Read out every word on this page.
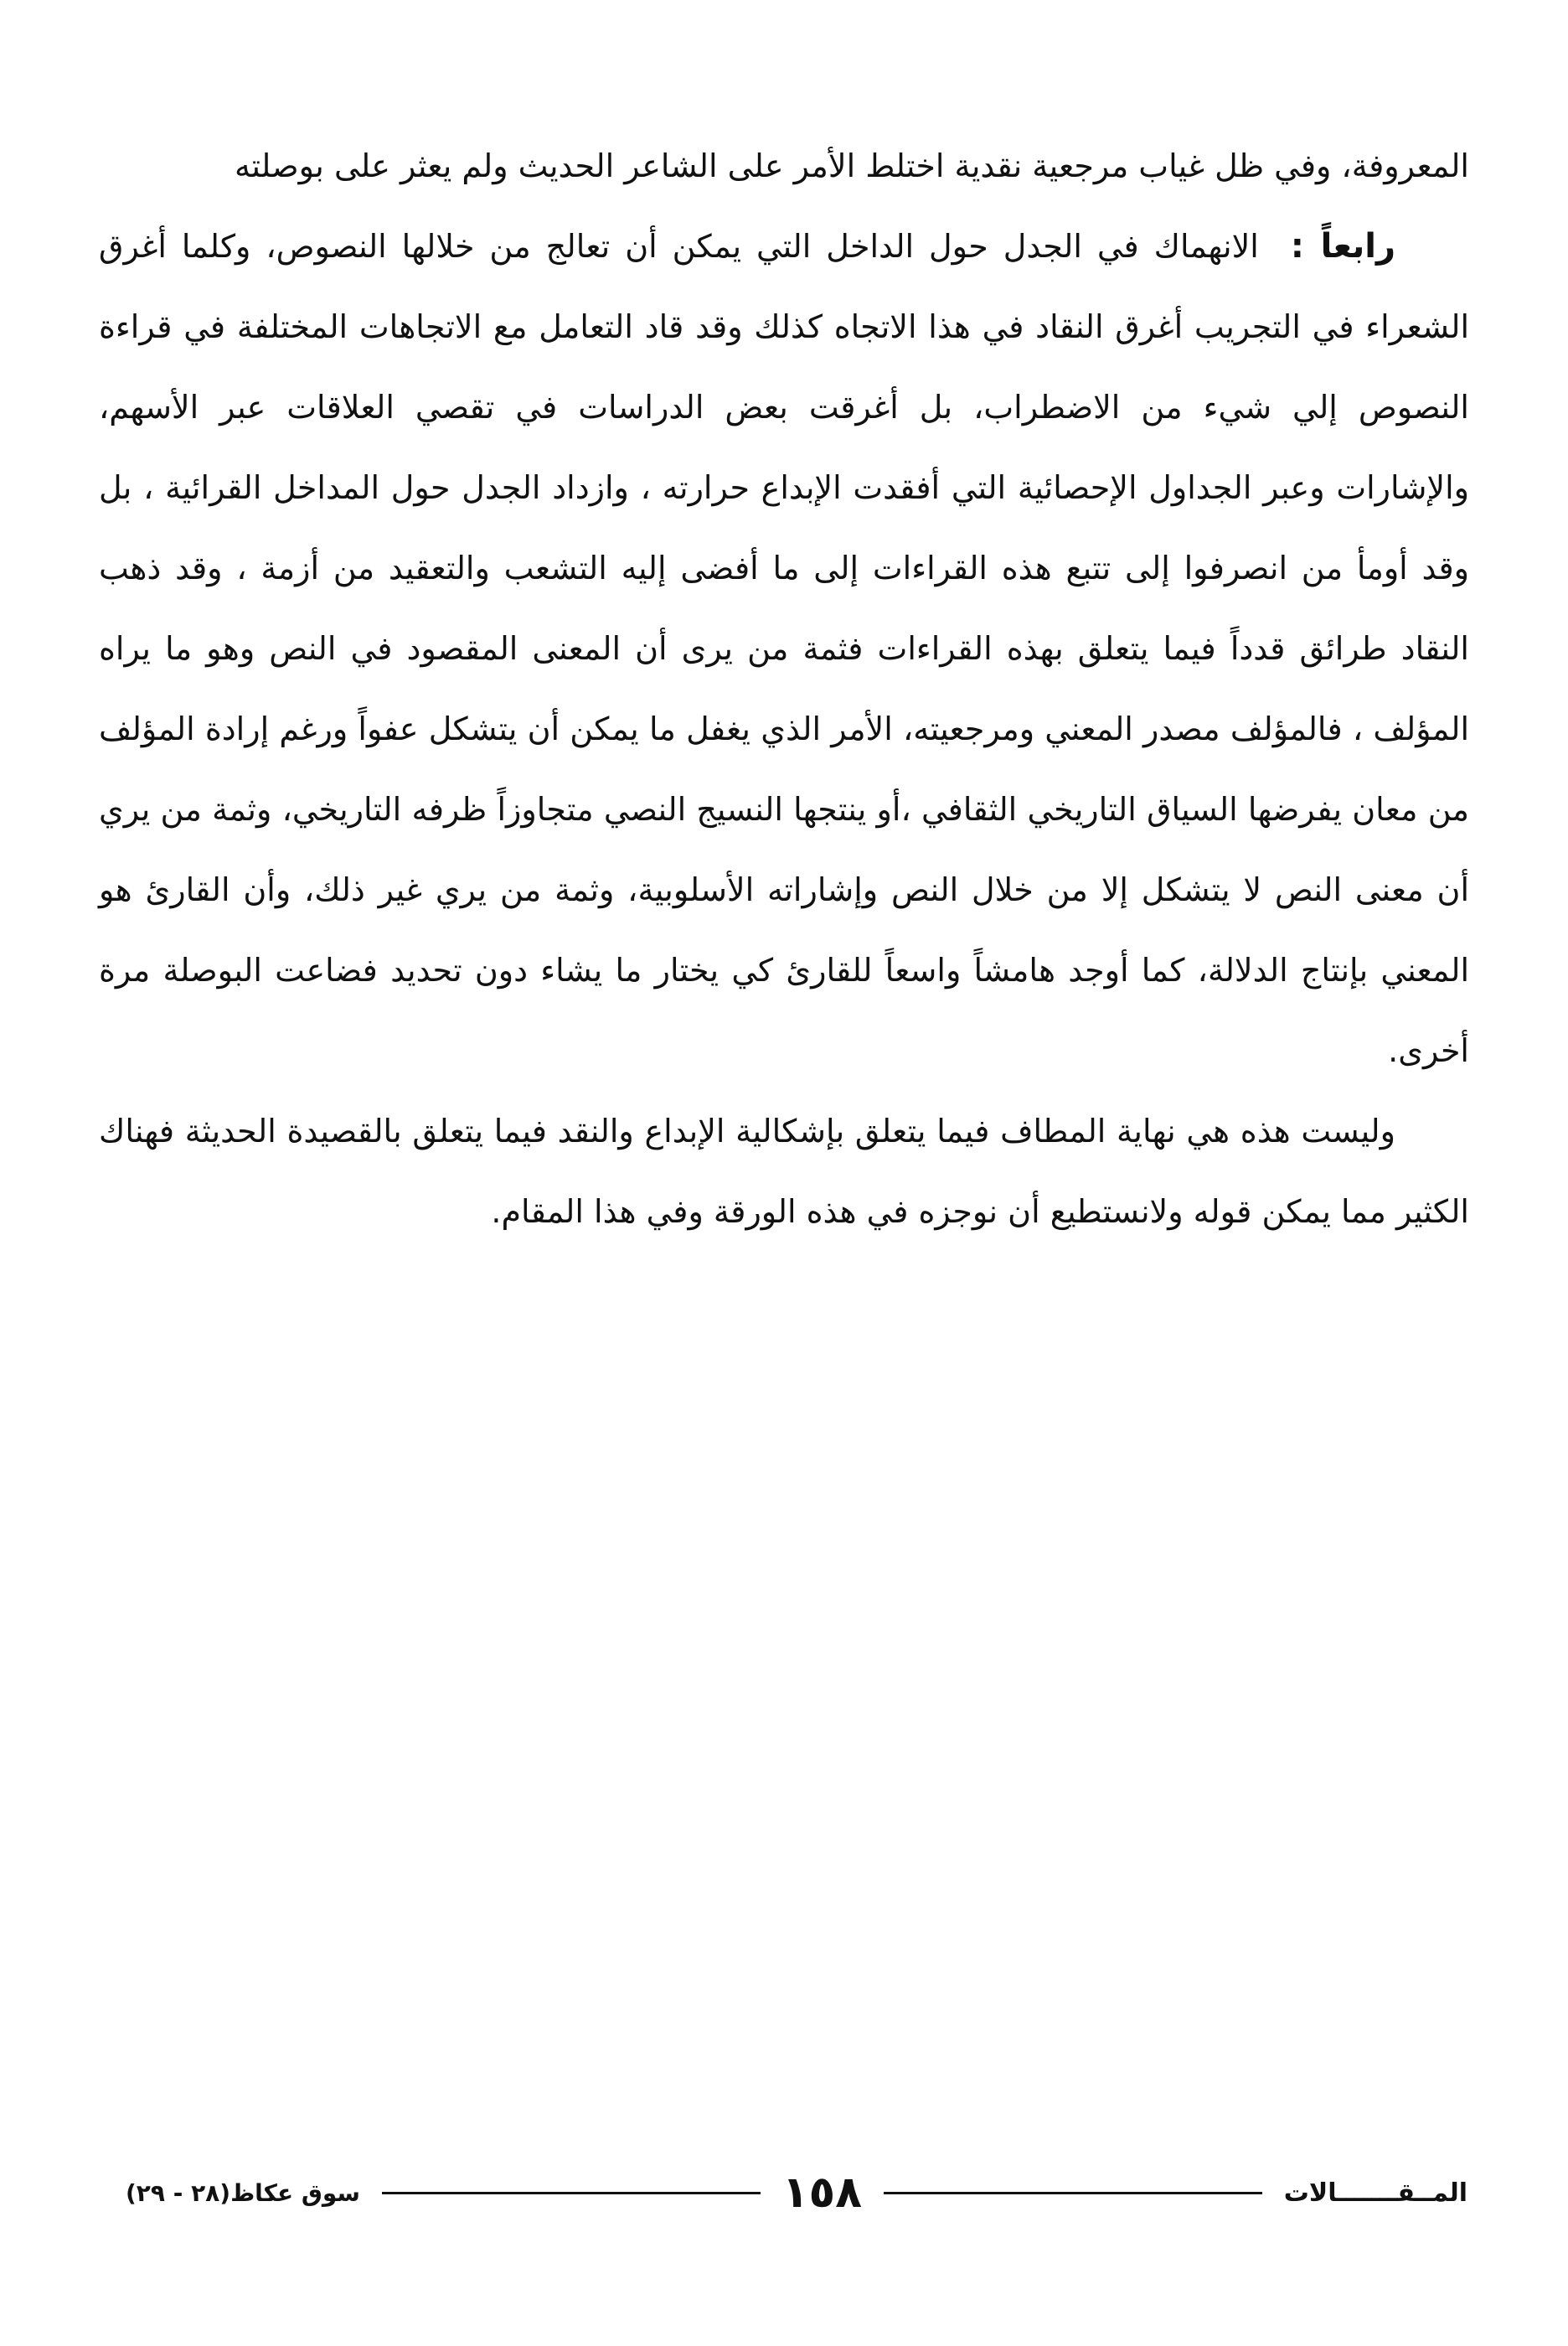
المعروفة، وفي ظل غياب مرجعية نقدية اختلط الأمر على الشاعر الحديث ولم يعثر على بوصلته

رابعاً :الانهماك في الجدل حول الداخل التي يمكن أن تعالج من خلالها النصوص، وكلما أغرق الشعراء في التجريب أغرق النقاد في هذا الاتجاه كذلك وقد قاد التعامل مع الاتجاهات المختلفة في قراءة النصوص إلي شيء من الاضطراب، بل أغرقت بعض الدراسات في تقصي العلاقات عبر الأسهم، والإشارات وعبر الجداول الإحصائية التي أفقدت الإبداع حرارته ، وازداد الجدل حول المداخل القرائية ، بل وقد أومأ من انصرفوا إلى تتبع هذه القراءات إلى ما أفضى إليه التشعب والتعقيد من أزمة ، وقد ذهب النقاد طرائق قدداً فيما يتعلق بهذه القراءات فثمة من يرى أن المعنى المقصود في النص وهو ما يراه المؤلف ، فالمؤلف مصدر المعني ومرجعيته، الأمر الذي يغفل ما يمكن أن يتشكل عفواً ورغم إرادة المؤلف من معان يفرضها السياق التاريخي الثقافي ،أو ينتجها النسيج النصي متجاوزاً ظرفه التاريخي، وثمة من يري أن معنى النص لا يتشكل إلا من خلال النص وإشاراته الأسلوبية، وثمة من يري غير ذلك، وأن القارئ هو المعني بإنتاج الدلالة، كما أوجد هامشاً واسعاً للقارئ كي يختار ما يشاء دون تحديد فضاعت البوصلة مرة أخرى.

وليست هذه هي نهاية المطاف فيما يتعلق بإشكالية الإبداع والنقد فيما يتعلق بالقصيدة الحديثة فهناك الكثير مما يمكن قوله ولانستطيع أن نوجزه في هذه الورقة وفي هذا المقام.

المــقـــــــالات
١٥٨
سوق عكاظ(٢٨ - ٢٩)
